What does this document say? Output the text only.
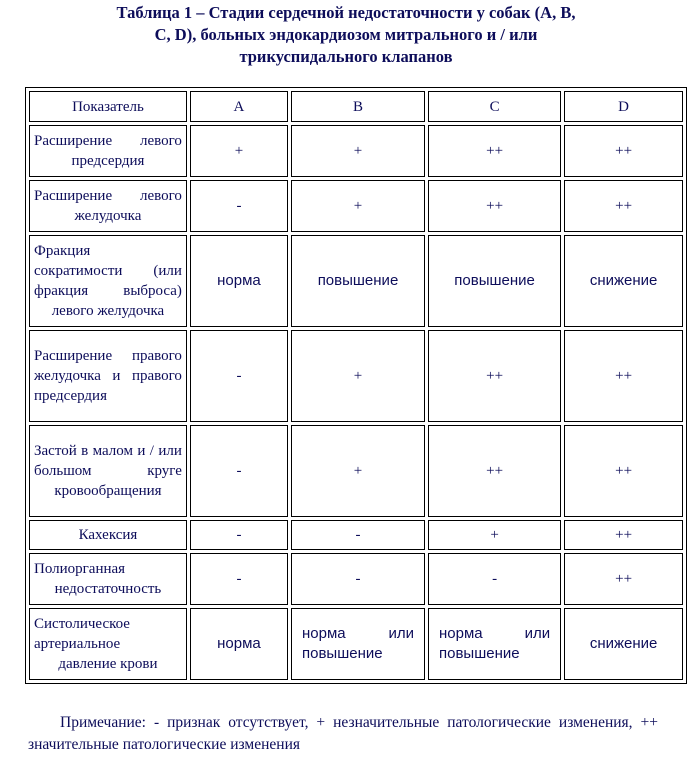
Таблица 1 – Стадии сердечной недостаточности у собак (A, B,
C, D), больных эндокардиозом митрального и / или
трикуспидального клапанов
Показатель	A	B	C	D
Расширение левого предсердия	+	+	++	++
Расширение левого желудочка	-	+	++	++
Фракция сократимости (или фракция выброса) левого желудочка	норма	повышение	повышение	снижение
Расширение правого желудочка и правого предсердия	-	+	++	++
Застой в малом и / или большом круге кровообращения	-	+	++	++
Кахексия	-	-	+	++
Полиорганная недостаточность	-	-	-	++
Систолическое артериальное давление крови	норма	норма или повышение	норма или повышение	снижение
Примечание: - признак отсутствует, + незначительные патологические изменения, ++ значительные патологические изменения
